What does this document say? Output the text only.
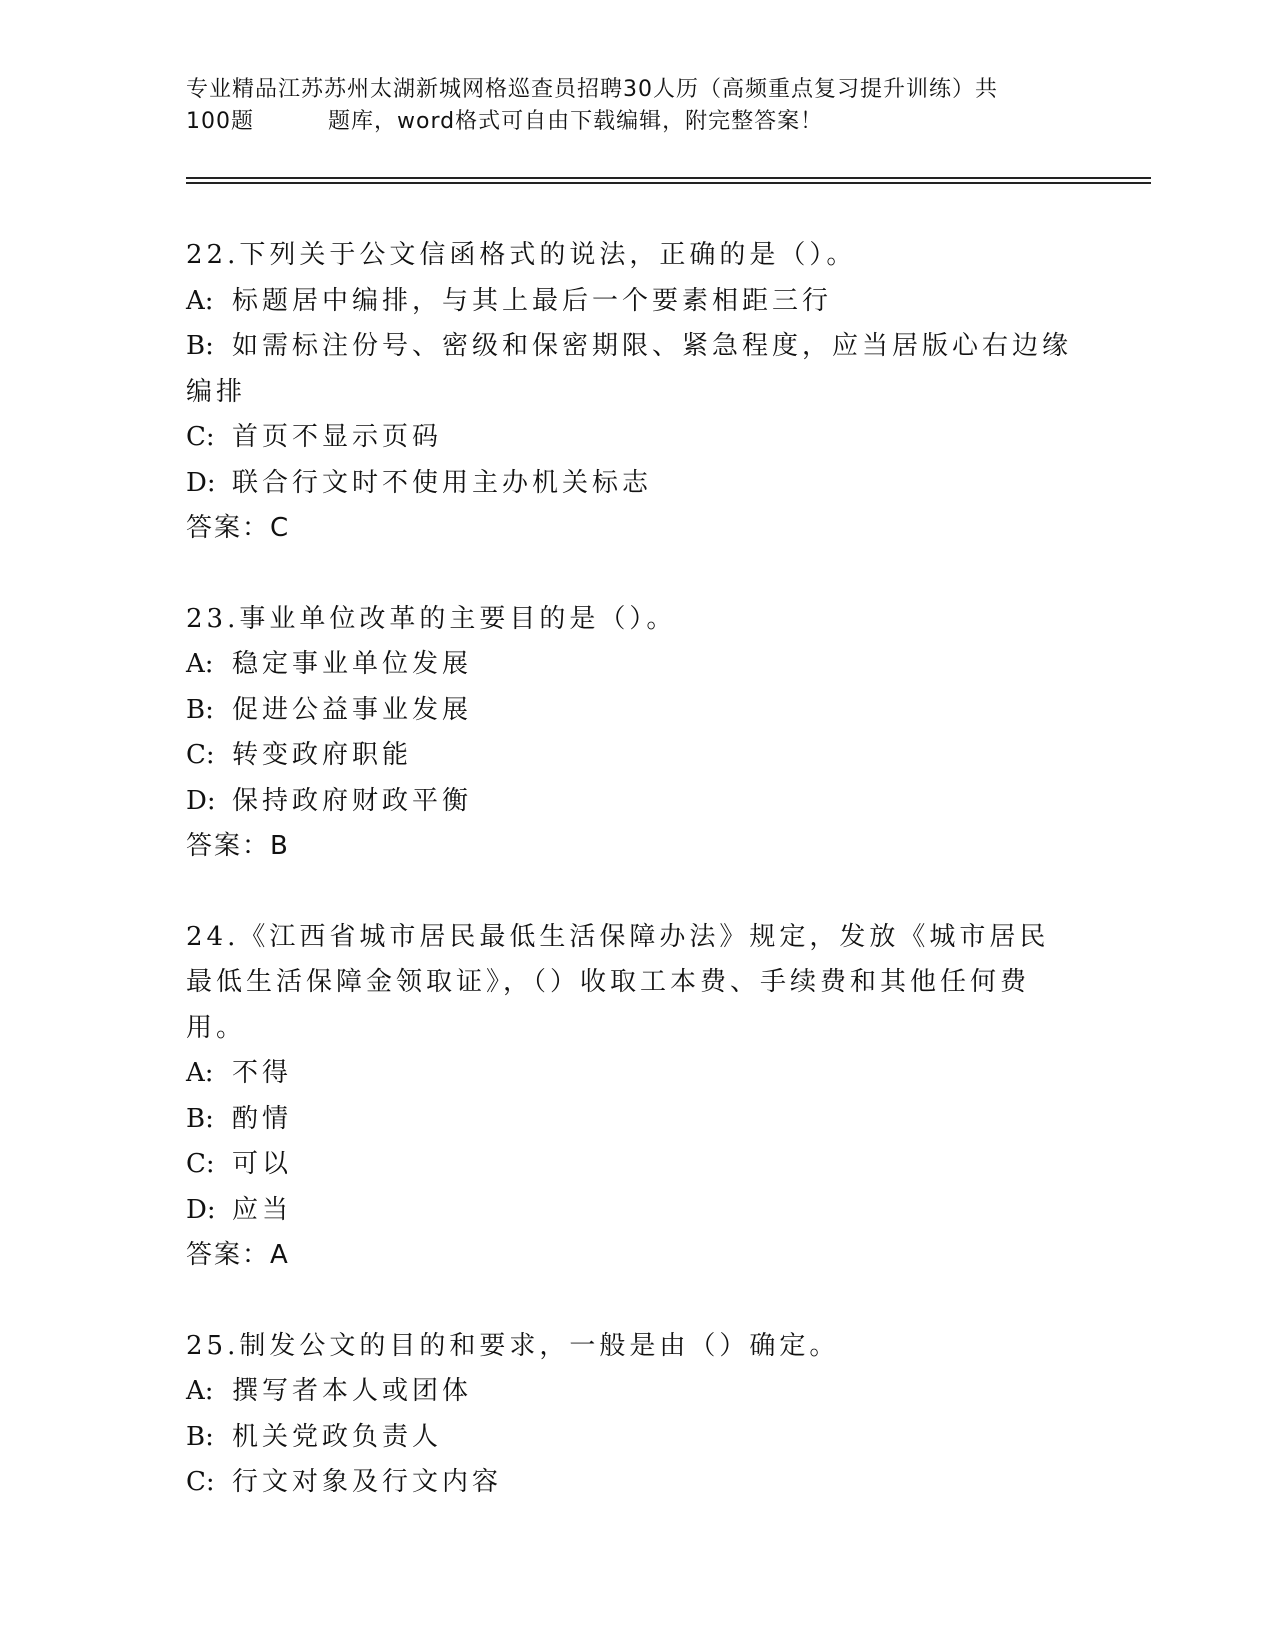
专业精品江苏苏州太湖新城网格巡查员招聘30人历（高频重点复习提升训练）共
100题	题库，word格式可自由下载编辑，附完整答案！
22.下列关于公文信函格式的说法，正确的是（）。
A: 标题居中编排，与其上最后一个要素相距三行
B: 如需标注份号、密级和保密期限、紧急程度，应当居版心右边缘编排
C: 首页不显示页码
D: 联合行文时不使用主办机关标志
答案：C
23.事业单位改革的主要目的是（）。
A: 稳定事业单位发展
B: 促进公益事业发展
C: 转变政府职能
D: 保持政府财政平衡
答案：B
24.《江西省城市居民最低生活保障办法》规定，发放《城市居民最低生活保障金领取证》，（）收取工本费、手续费和其他任何费用。
A: 不得
B: 酌情
C: 可以
D: 应当
答案：A
25.制发公文的目的和要求，一般是由（）确定。
A: 撰写者本人或团体
B: 机关党政负责人
C: 行文对象及行文内容
